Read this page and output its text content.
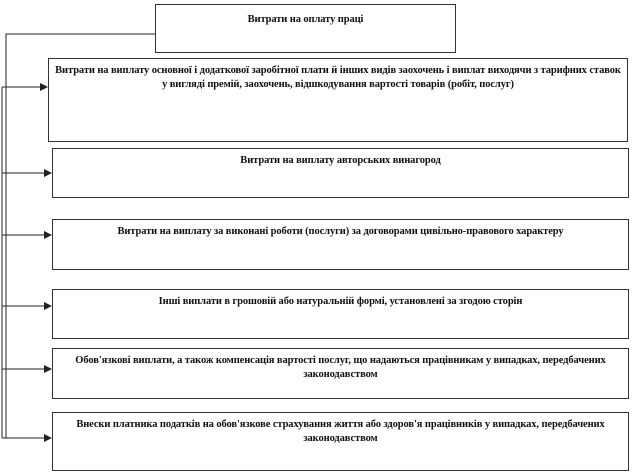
Витрати на оплату праці
Витрати на виплату основної і додаткової заробітної плати й інших видів заохочень і виплат виходячи з тарифних ставок у вигляді премій, заохочень, відшкодування вартості товарів (робіт, послуг)
Витрати на виплату авторських винагород
Витрати на виплату за виконані роботи (послуги) за договорами цивільно-правового характеру
Інші виплати в грошовій або натуральній формі, установлені за згодою сторін
Обов'язкові виплати, а також компенсація вартості послуг, що надаються працівникам у випадках, передбачених законодавством
Внески платника податків на обов'язкове страхування життя або здоров'я працівників у випадках, передбачених законодавством
